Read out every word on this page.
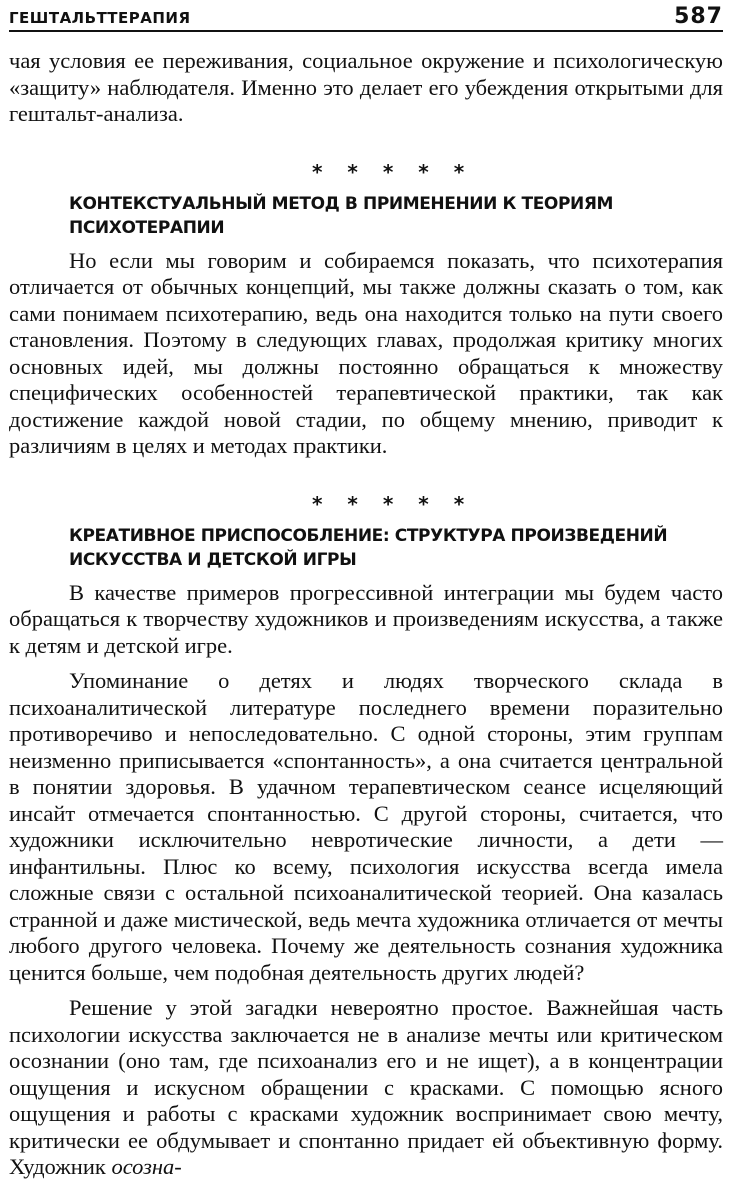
ГЕШТАЛЬТТЕРАПИЯ	587

чая условия ее переживания, социальное окружение и психологическую «защиту» наблюдателя. Именно это делает его убеждения открытыми для гештальт-анализа.

* * * * *
КОНТЕКСТУАЛЬНЫЙ МЕТОД В ПРИМЕНЕНИИ К ТЕОРИЯМ
ПСИХОТЕРАПИИ

Но если мы говорим и собираемся показать, что психотерапия отличается от обычных концепций, мы также должны сказать о том, как сами понимаем психотерапию, ведь она находится только на пути своего становления. Поэтому в следующих главах, продолжая критику многих основных идей, мы должны постоянно обращаться к множеству специфических особенностей терапевтической практики, так как достижение каждой новой стадии, по общему мнению, приводит к различиям в целях и методах практики.

* * * * *
КРЕАТИВНОЕ ПРИСПОСОБЛЕНИЕ: СТРУКТУРА ПРОИЗВЕДЕНИЙ
ИСКУССТВА И ДЕТСКОЙ ИГРЫ

В качестве примеров прогрессивной интеграции мы будем часто обращаться к творчеству художников и произведениям искусства, а также к детям и детской игре.

Упоминание о детях и людях творческого склада в психоаналитической литературе последнего времени поразительно противоречиво и непоследовательно. С одной стороны, этим группам неизменно приписывается «спонтанность», а она считается центральной в понятии здоровья. В удачном терапевтическом сеансе исцеляющий инсайт отмечается спонтанностью. С другой стороны, считается, что художники исключительно невротические личности, а дети — инфантильны. Плюс ко всему, психология искусства всегда имела сложные связи с остальной психоаналитической теорией. Она казалась странной и даже мистической, ведь мечта художника отличается от мечты любого другого человека. Почему же деятельность сознания художника ценится больше, чем подобная деятельность других людей?

Решение у этой загадки невероятно простое. Важнейшая часть психологии искусства заключается не в анализе мечты или критическом осознании (оно там, где психоанализ его и не ищет), а в концентрации ощущения и искусном обращении с красками. С помощью ясного ощущения и работы с красками художник воспринимает свою мечту, критически ее обдумывает и спонтанно придает ей объективную форму. Художник осозна-
